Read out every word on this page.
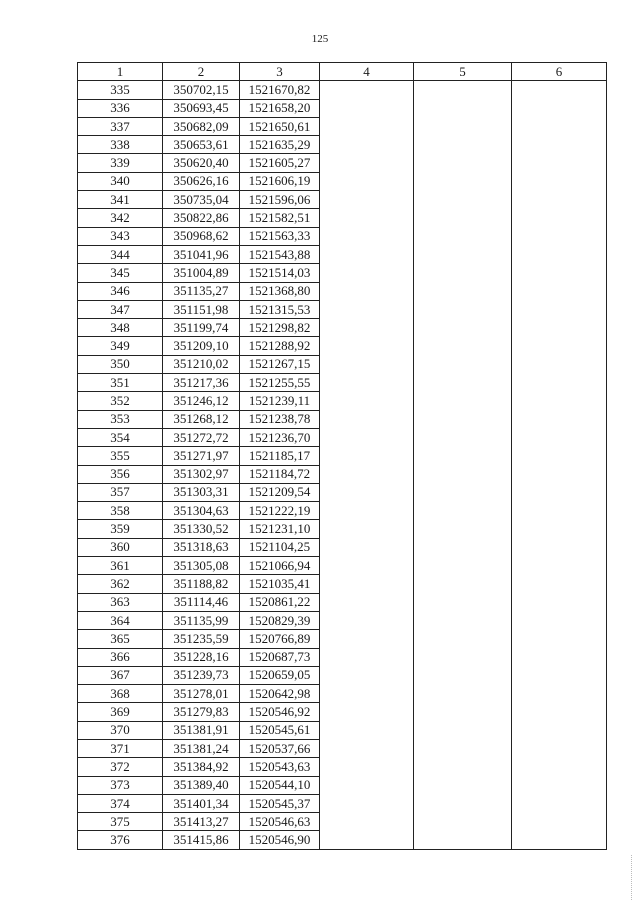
125
1	2	3	4	5	6
335	350702,15	1521670,82			
336	350693,45	1521658,20			
337	350682,09	1521650,61			
338	350653,61	1521635,29			
339	350620,40	1521605,27			
340	350626,16	1521606,19			
341	350735,04	1521596,06			
342	350822,86	1521582,51			
343	350968,62	1521563,33			
344	351041,96	1521543,88			
345	351004,89	1521514,03			
346	351135,27	1521368,80			
347	351151,98	1521315,53			
348	351199,74	1521298,82			
349	351209,10	1521288,92			
350	351210,02	1521267,15			
351	351217,36	1521255,55			
352	351246,12	1521239,11			
353	351268,12	1521238,78			
354	351272,72	1521236,70			
355	351271,97	1521185,17			
356	351302,97	1521184,72			
357	351303,31	1521209,54			
358	351304,63	1521222,19			
359	351330,52	1521231,10			
360	351318,63	1521104,25			
361	351305,08	1521066,94			
362	351188,82	1521035,41			
363	351114,46	1520861,22			
364	351135,99	1520829,39			
365	351235,59	1520766,89			
366	351228,16	1520687,73			
367	351239,73	1520659,05			
368	351278,01	1520642,98			
369	351279,83	1520546,92			
370	351381,91	1520545,61			
371	351381,24	1520537,66			
372	351384,92	1520543,63			
373	351389,40	1520544,10			
374	351401,34	1520545,37			
375	351413,27	1520546,63			
376	351415,86	1520546,90			
